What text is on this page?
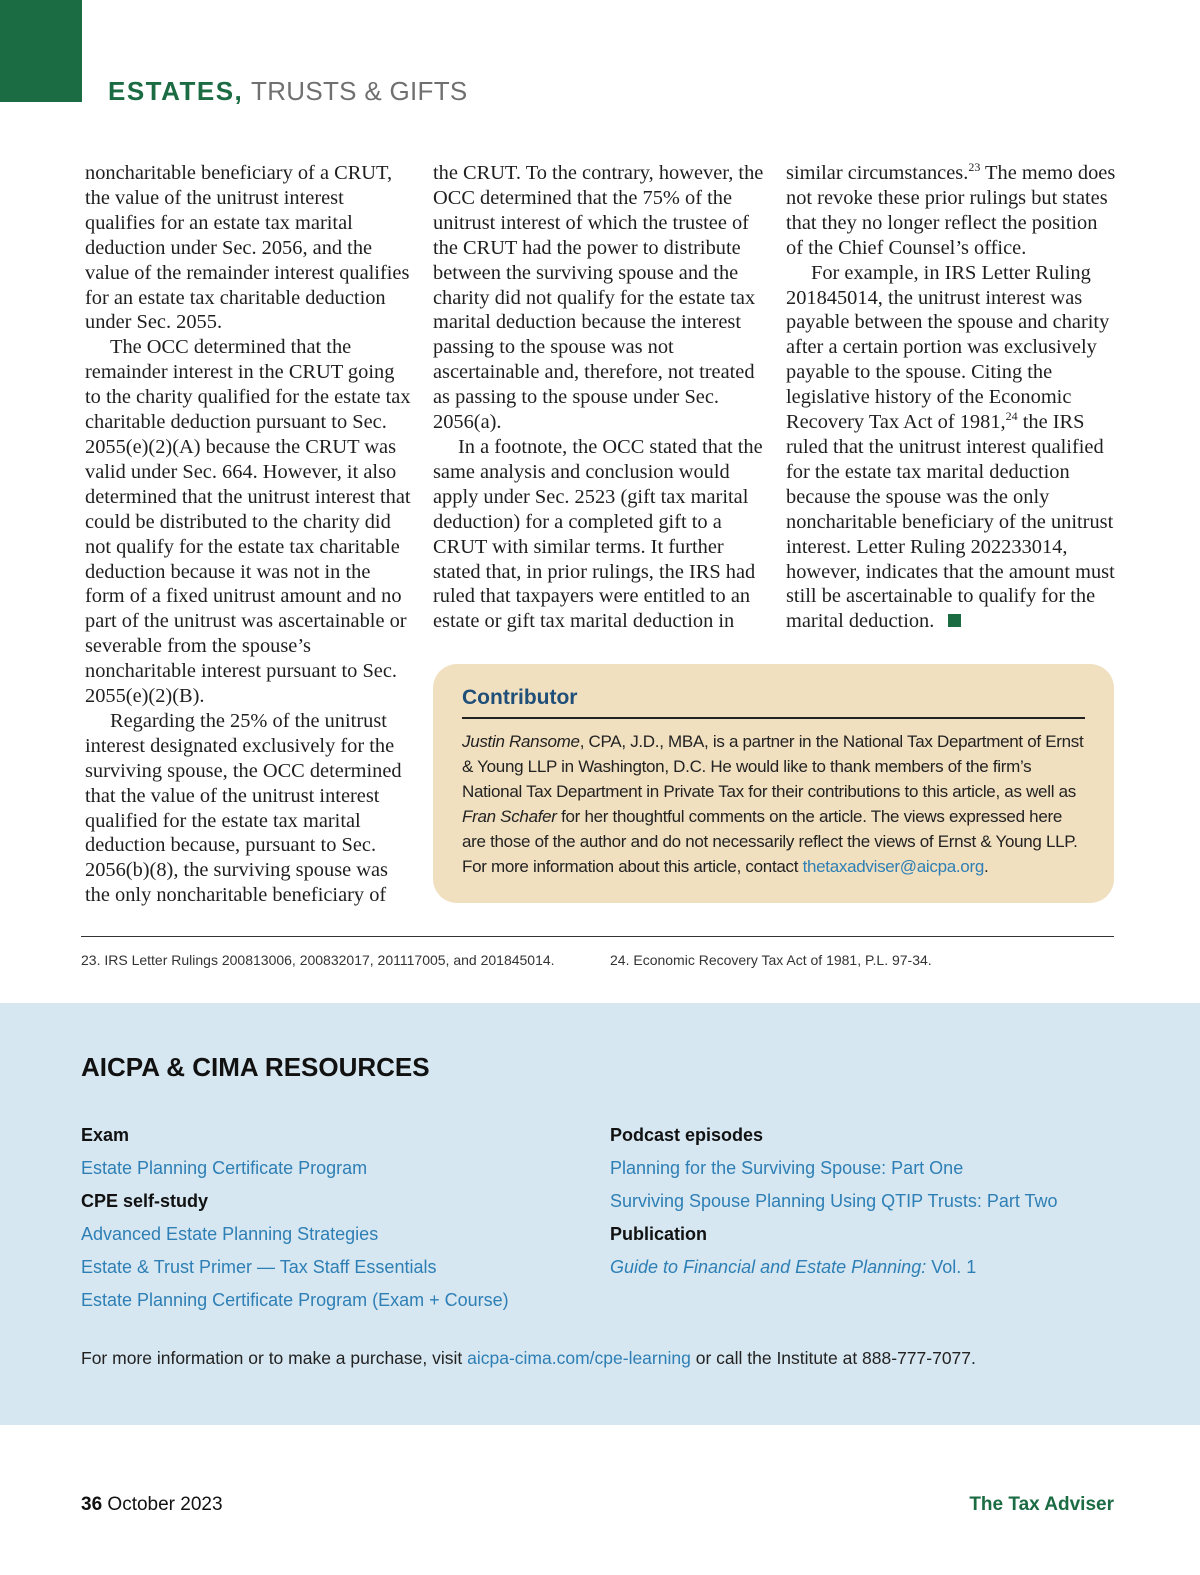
ESTATES, TRUSTS & GIFTS

noncharitable beneficiary of a CRUT, the value of the unitrust interest qualifies for an estate tax marital deduction under Sec. 2056, and the value of the remainder interest qualifies for an estate tax charitable deduction under Sec. 2055.

The OCC determined that the remainder interest in the CRUT going to the charity qualified for the estate tax charitable deduction pursuant to Sec. 2055(e)(2)(A) because the CRUT was valid under Sec. 664. However, it also determined that the unitrust interest that could be distributed to the charity did not qualify for the estate tax charitable deduction because it was not in the form of a fixed unitrust amount and no part of the unitrust was ascertainable or severable from the spouse’s noncharitable interest pursuant to Sec. 2055(e)(2)(B).

Regarding the 25% of the unitrust interest designated exclusively for the surviving spouse, the OCC determined that the value of the unitrust interest qualified for the estate tax marital deduction because, pursuant to Sec. 2056(b)(8), the surviving spouse was the only noncharitable beneficiary of

the CRUT. To the contrary, however, the OCC determined that the 75% of the unitrust interest of which the trustee of the CRUT had the power to distribute between the surviving spouse and the charity did not qualify for the estate tax marital deduction because the interest passing to the spouse was not ascertainable and, therefore, not treated as passing to the spouse under Sec. 2056(a).

In a footnote, the OCC stated that the same analysis and conclusion would apply under Sec. 2523 (gift tax marital deduction) for a completed gift to a CRUT with similar terms. It further stated that, in prior rulings, the IRS had ruled that taxpayers were entitled to an estate or gift tax marital deduction in

similar circumstances.$^{23}$ The memo does not revoke these prior rulings but states that they no longer reflect the position of the Chief Counsel’s office.

For example, in IRS Letter Ruling 201845014, the unitrust interest was payable between the spouse and charity after a certain portion was exclusively payable to the spouse. Citing the legislative history of the Economic Recovery Tax Act of 1981,24 the IRS ruled that the unitrust interest qualified for the estate tax marital deduction because the spouse was the only noncharitable beneficiary of the unitrust interest. Letter Ruling 202233014, however, indicates that the amount must still be ascertainable to qualify for the marital deduction.

Contributor
Justin Ransome, CPA, J.D., MBA, is a partner in the National Tax Department of Ernst & Young LLP in Washington, D.C. He would like to thank members of the firm’s National Tax Department in Private Tax for their contributions to this article, as well as Fran Schafer for her thoughtful comments on the article. The views expressed here are those of the author and do not necessarily reflect the views of Ernst & Young LLP. For more information about this article, contact thetaxadviser@aicpa.org.
23. IRS Letter Rulings 200813006, 200832017, 201117005, and 201845014.	24. Economic Recovery Tax Act of 1981, P.L. 97-34.
AICPA & CIMA RESOURCES
Exam
Estate Planning Certificate Program
CPE self-study
Advanced Estate Planning Strategies
Estate & Trust Primer — Tax Staff Essentials
Estate Planning Certificate Program (Exam + Course)
Podcast episodes
Planning for the Surviving Spouse: Part One
Surviving Spouse Planning Using QTIP Trusts: Part Two
Publication
Guide to Financial and Estate Planning: Vol. 1
For more information or to make a purchase, visit aicpa-cima.com/cpe-learning or call the Institute at 888-777-7077.
36 October 2023	The Tax Adviser
